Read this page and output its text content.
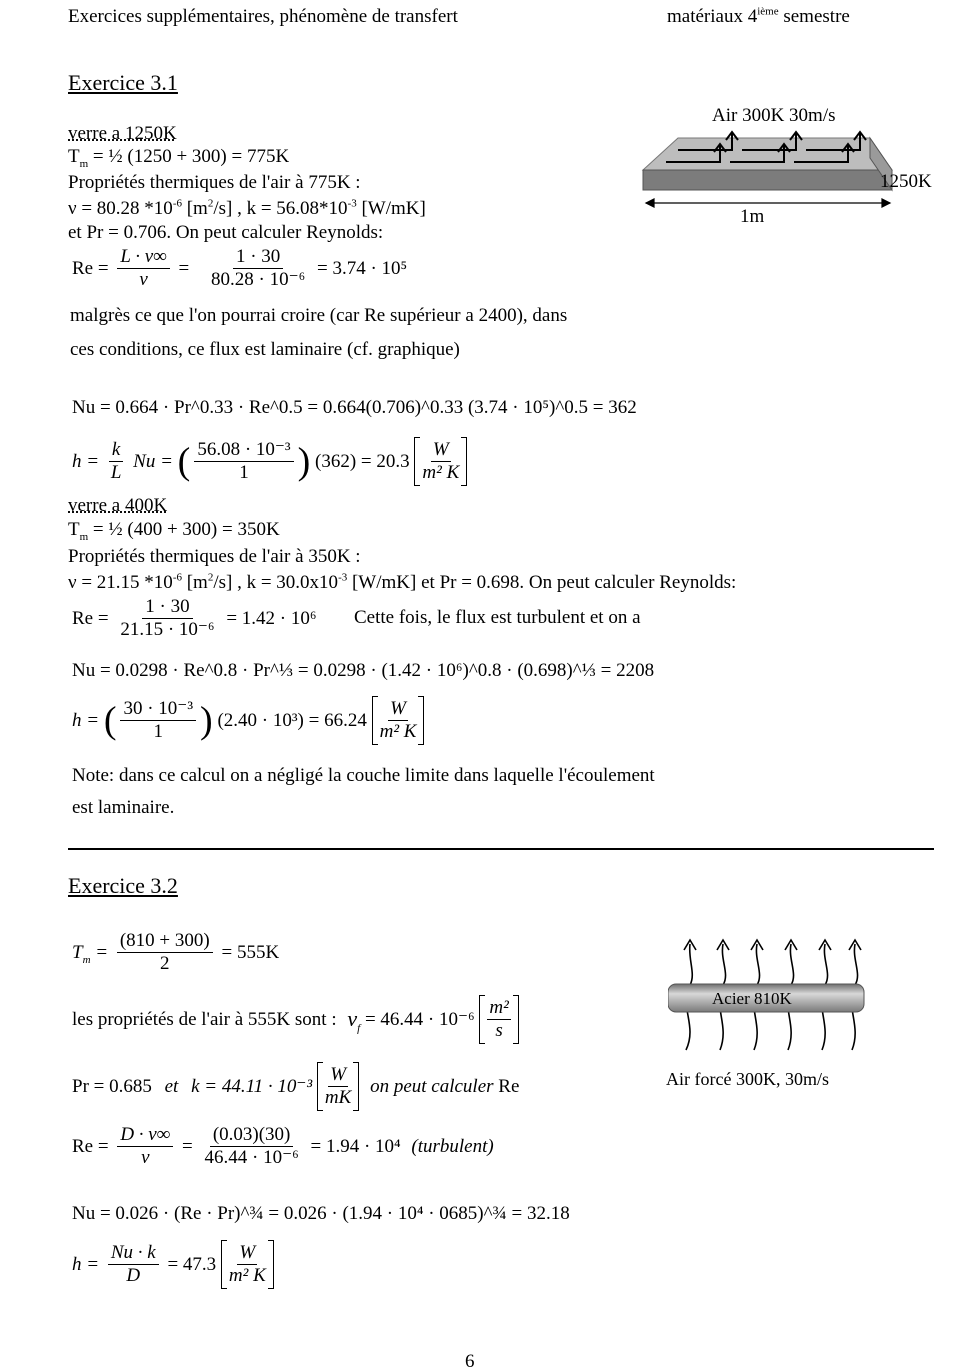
Exercices supplémentaires, phénomène de transfert	matériaux 4ième semestre
Exercice 3.1
verre a 1250K
$T_m$ = ½ (1250 + 300) = 775K
Propriétés thermiques de l'air à 775K :
ν = 80.28 $*10^{-6}$ $[m^2/s]$ , $k = 56.08*10^{-3}$ [W/mK]
et Pr = 0.706. On peut calculer Reynolds:
$Re = \frac{L \cdot v\infty}{\nu} = \frac{1 \cdot 30}{\text{80.28 · 10⁻⁶}} = 3.74 \cdot 10^5$
malgrès ce que l'on pourrai croire (car Re supérieur a 2400), dans
ces conditions, ce flux est laminaire (cf. graphique)
Nu = 0.664 · Pr^0.33 · Re^0.5 = 0.664(0.706)^0.33 (3.74 · 10⁵)^0.5 = 362
$h = \frac{k}{L}$ Nu = ( $\frac{\text{56.08 · 10⁻³}}{1}$ ) $(362) = 20.3 \frac{W}{\text{m² K}}$
verre a 400K
$T_m$ = ½ (400 + 300) = 350K
Propriétés thermiques de l'air à 350K :
ν = 21.15 $*10^{-6}$ $[m^2/s]$ , $k = 30.0x10^{-3}$ [W/mK] et Pr = 0.698. On peut calculer Reynolds:
$Re = \frac{1 \cdot 30}{\text{21.15 · 10⁻⁶}} = 1.42 \cdot 10^6$ Cette fois, le flux est turbulent et on a
Nu = 0.0298 · Re^0.8 · Pr^⅓ = 0.0298 · (1.42 · 10⁶)^0.8 · (0.698)^⅓ = 2208
h = ( $\frac{\text{30 · 10⁻³}}{1}$ ) $(2.40 \cdot 10^3) = 66.24 \frac{W}{\text{m² K}}$
Note: dans ce calcul on a négligé la couche limite dans laquelle l'écoulement
est laminaire.
Air 300K 30m/s
1m
1250K
Exercice 3.2
$T_m = \frac{(810 + 300)}{2} = 555K$
les propriétés de l'air à 555K sont : $\nu_f = 46.44 \cdot 10^{-6} \frac{\text{m²}}{s}$
Pr = 0.685 et $k = 44.11 \cdot 10^{-3} \frac{W}{mK}$ on peut calculer Re
$Re = \frac{D \cdot v\infty}{\nu} = \frac{(0.03)(30)}{\text{46.44 · 10⁻⁶}} = 1.94 \cdot 10^4$ (turbulent)
Nu = 0.026 · (Re · Pr)^¾ = 0.026 · (1.94 · 10⁴ · 0685)^¾ = 32.18
$h = \frac{Nu \cdot k}{D} = 47.3 \frac{W}{\text{m² K}}$
Acier 810K
Air forcé 300K, 30m/s
6
